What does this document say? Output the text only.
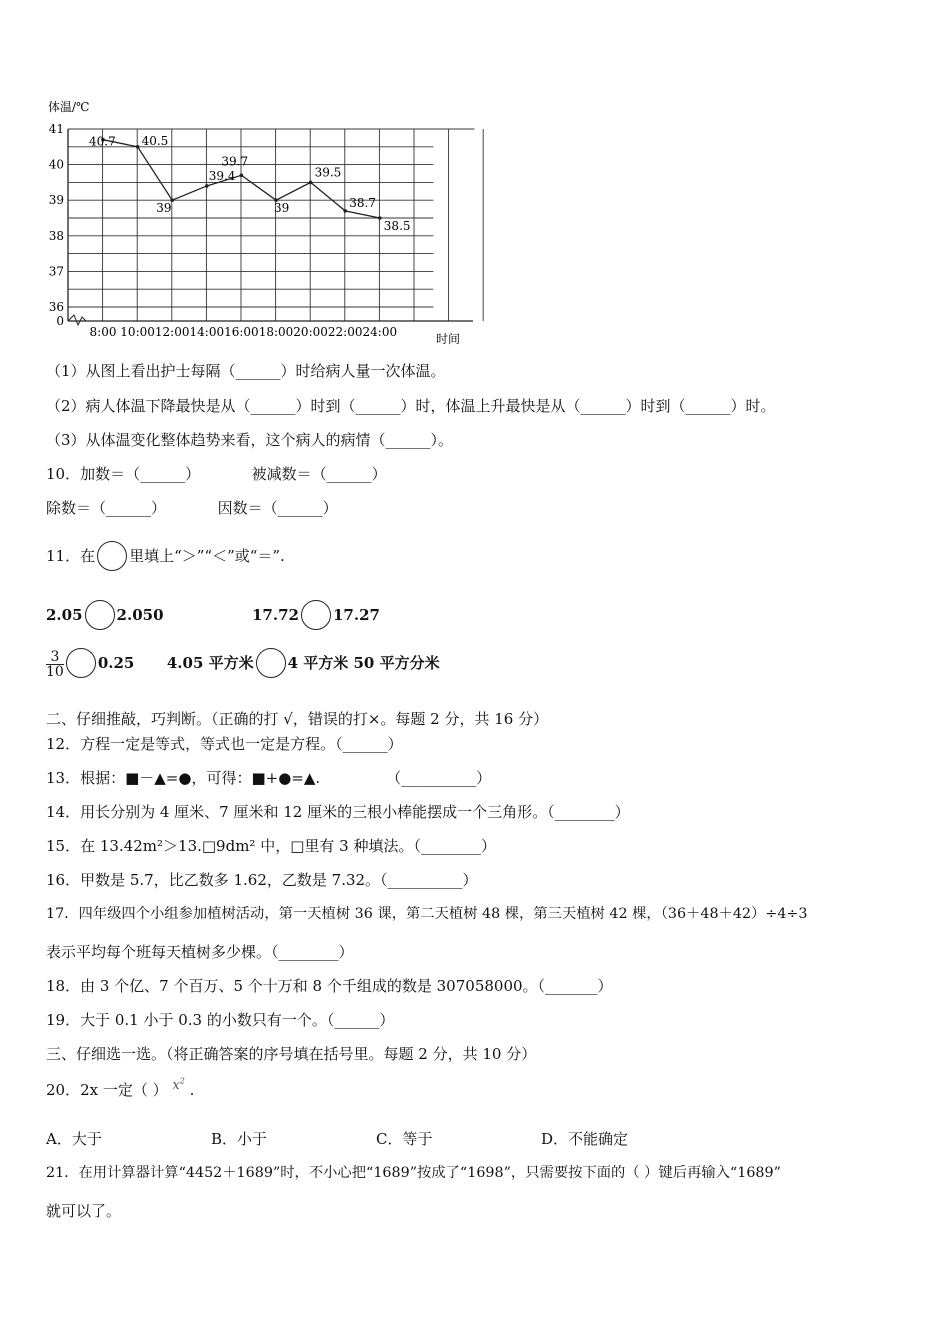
体温/℃
41
40
39
38
37
36
0
8:00 10:00 12:00 14:00 16:00 18:00 20:00 22:00 24:00
40.7 40.5
39
39.4
39.7
39
39.5
38.7
38.5
时间
（1）从图上看出护士每隔（______）时给病人量一次体温。
（2）病人体温下降最快是从（______）时到（______）时，体温上升最快是从（______）时到（______）时。
（3）从体温变化整体趋势来看，这个病人的病情（______）。
10．加数＝（______）	被减数＝（______）
除数＝（______）	因数＝（______）
11．在 里填上“＞”“＜”或“＝”.
2.05 2.050	17.72 17.27
$\frac{3}{10} 0.25$ 4.05 平方米 4 平方米 50 平方分米
二、仔细推敲，巧判断。（正确的打 √，错误的打×。每题 2 分，共 16 分）
12．方程一定是等式，等式也一定是方程。（______）
13．根据：■－▲=●，可得：■+●=▲.	（__________）
14．用长分别为 4 厘米、7 厘米和 12 厘米的三根小棒能摆成一个三角形。（________）
15．在 13.42m²＞13.□9dm² 中，□里有 3 种填法。（________）
16．甲数是 5.7，比乙数多 1.62，乙数是 7.32。（__________）
17．四年级四个小组参加植树活动，第一天植树 36 课，第二天植树 48 棵，第三天植树 42 棵，（36＋48＋42）÷4÷3
表示平均每个班每天植树多少棵。（________）
18．由 3 个亿、7 个百万、5 个十万和 8 个千组成的数是 307058000。（_______）
19．大于 0.1 小于 0.3 的小数只有一个。（______）
三、仔细选一选。（将正确答案的序号填在括号里。每题 2 分，共 10 分）
20．2x 一定（ ） $x^2$ .
A．大于	B．小于	C．等于	D．不能确定
21．在用计算器计算“4452＋1689”时，不小心把“1689”按成了“1698”，只需要按下面的（ ）键后再输入“1689”
就可以了。
